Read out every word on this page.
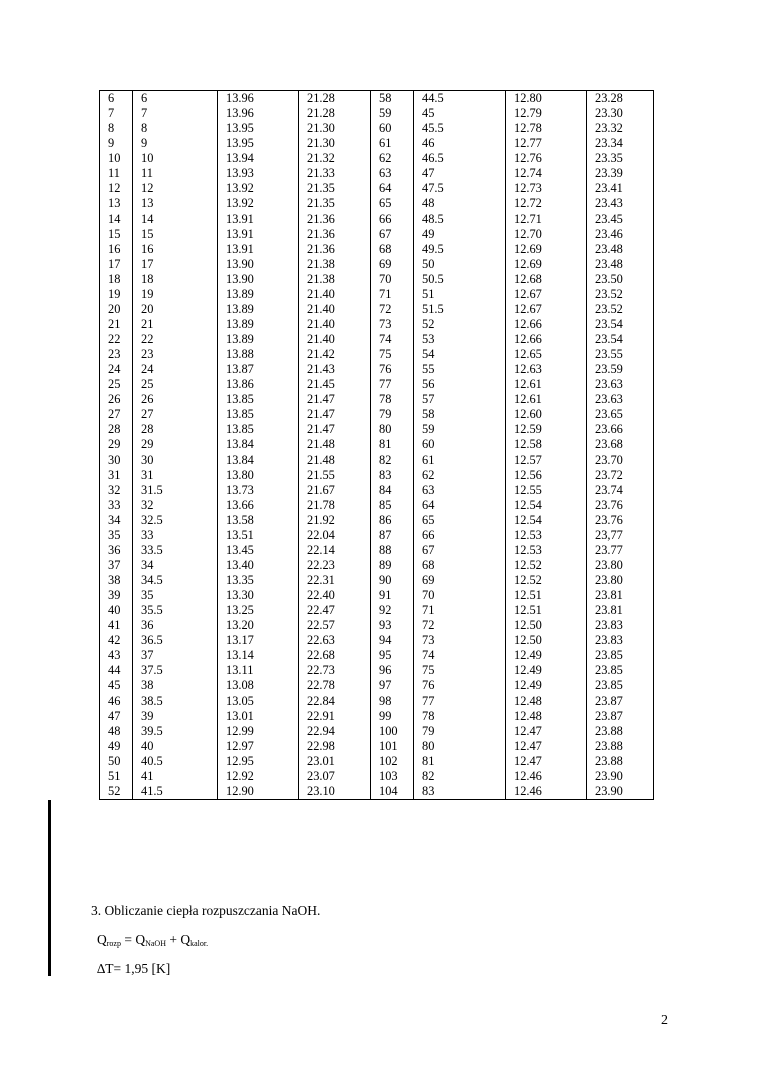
6	6	13.96	21.28	58	44.5	12.80	23.28
7	7	13.96	21.28	59	45	12.79	23.30
8	8	13.95	21.30	60	45.5	12.78	23.32
9	9	13.95	21.30	61	46	12.77	23.34
10	10	13.94	21.32	62	46.5	12.76	23.35
11	11	13.93	21.33	63	47	12.74	23.39
12	12	13.92	21.35	64	47.5	12.73	23.41
13	13	13.92	21.35	65	48	12.72	23.43
14	14	13.91	21.36	66	48.5	12.71	23.45
15	15	13.91	21.36	67	49	12.70	23.46
16	16	13.91	21.36	68	49.5	12.69	23.48
17	17	13.90	21.38	69	50	12.69	23.48
18	18	13.90	21.38	70	50.5	12.68	23.50
19	19	13.89	21.40	71	51	12.67	23.52
20	20	13.89	21.40	72	51.5	12.67	23.52
21	21	13.89	21.40	73	52	12.66	23.54
22	22	13.89	21.40	74	53	12.66	23.54
23	23	13.88	21.42	75	54	12.65	23.55
24	24	13.87	21.43	76	55	12.63	23.59
25	25	13.86	21.45	77	56	12.61	23.63
26	26	13.85	21.47	78	57	12.61	23.63
27	27	13.85	21.47	79	58	12.60	23.65
28	28	13.85	21.47	80	59	12.59	23.66
29	29	13.84	21.48	81	60	12.58	23.68
30	30	13.84	21.48	82	61	12.57	23.70
31	31	13.80	21.55	83	62	12.56	23.72
32	31.5	13.73	21.67	84	63	12.55	23.74
33	32	13.66	21.78	85	64	12.54	23.76
34	32.5	13.58	21.92	86	65	12.54	23.76
35	33	13.51	22.04	87	66	12.53	23,77
36	33.5	13.45	22.14	88	67	12.53	23.77
37	34	13.40	22.23	89	68	12.52	23.80
38	34.5	13.35	22.31	90	69	12.52	23.80
39	35	13.30	22.40	91	70	12.51	23.81
40	35.5	13.25	22.47	92	71	12.51	23.81
41	36	13.20	22.57	93	72	12.50	23.83
42	36.5	13.17	22.63	94	73	12.50	23.83
43	37	13.14	22.68	95	74	12.49	23.85
44	37.5	13.11	22.73	96	75	12.49	23.85
45	38	13.08	22.78	97	76	12.49	23.85
46	38.5	13.05	22.84	98	77	12.48	23.87
47	39	13.01	22.91	99	78	12.48	23.87
48	39.5	12.99	22.94	100	79	12.47	23.88
49	40	12.97	22.98	101	80	12.47	23.88
50	40.5	12.95	23.01	102	81	12.47	23.88
51	41	12.92	23.07	103	82	12.46	23.90
52	41.5	12.90	23.10	104	83	12.46	23.90

3. Obliczanie ciepła rozpuszczania NaOH.
$Q_{rozp} = Q_{NaOH} + Q_{kalor.}$
∆T= 1,95 [K]
2
